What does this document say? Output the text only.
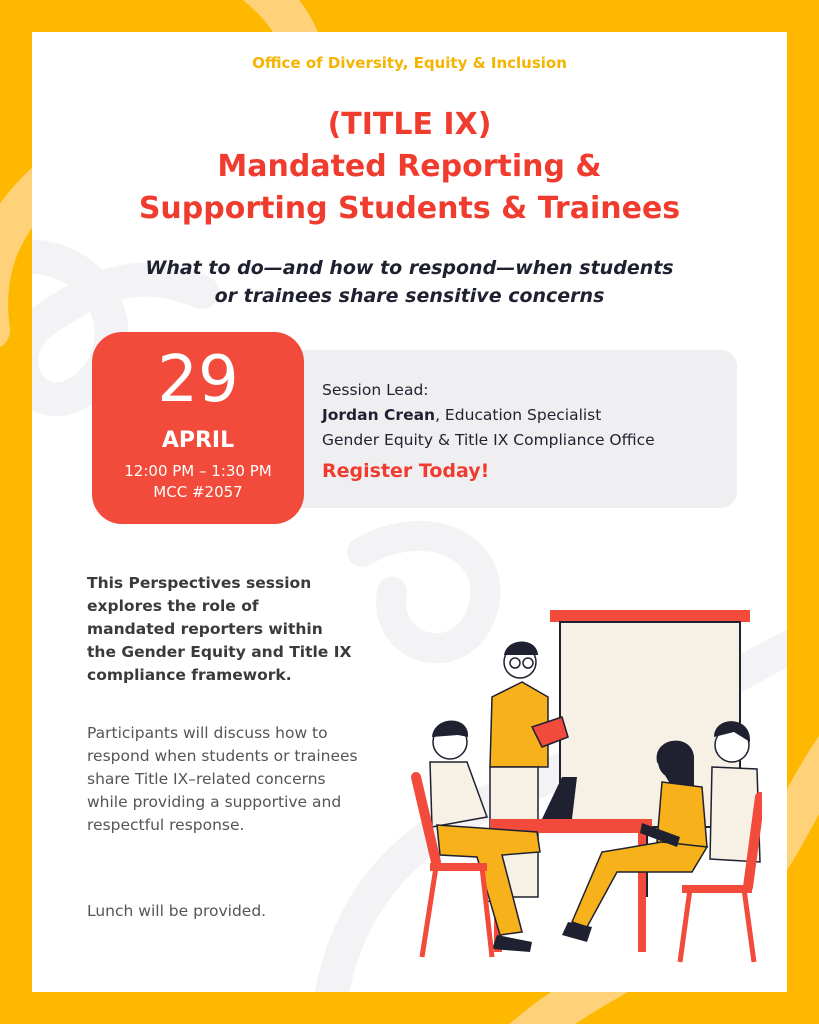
Office of Diversity, Equity & Inclusion
(TITLE IX)
Mandated Reporting &
Supporting Students & Trainees
What to do—and how to respond—when students
or trainees share sensitive concerns
29
APRIL
12:00 PM – 1:30 PM
MCC #2057
Session Lead:
Jordan Crean, Education Specialist
Gender Equity & Title IX Compliance Office
Register Today!
This Perspectives session explores the role of mandated reporters within the Gender Equity and Title IX compliance framework.
Participants will discuss how to respond when students or trainees share Title IX–related concerns while providing a supportive and respectful response.
Lunch will be provided.
